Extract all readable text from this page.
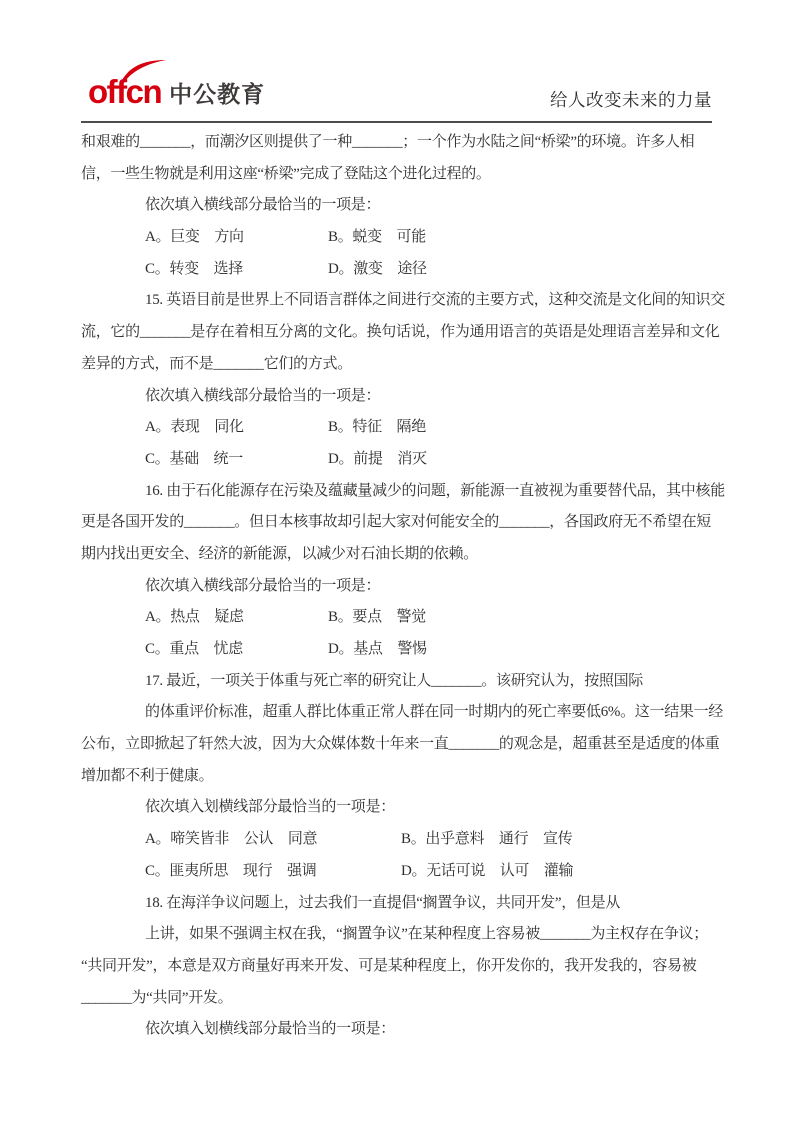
offcn 中公教育	给人改变未来的力量

和艰难的_______，而潮汐区则提供了一种_______；一个作为水陆之间“桥梁”的环境。许多人相

信，一些生物就是利用这座“桥梁”完成了登陆这个进化过程的。

依次填入横线部分最恰当的一项是：

A。巨变　方向	B。蜕变　可能

C。转变　选择	D。激变　途径

15. 英语目前是世界上不同语言群体之间进行交流的主要方式，这种交流是文化间的知识交

流，它的_______是存在着相互分离的文化。换句话说，作为通用语言的英语是处理语言差异和文化

差异的方式，而不是_______它们的方式。

依次填入横线部分最恰当的一项是：

A。表现　同化	B。特征　隔绝

C。基础　统一	D。前提　消灭

16. 由于石化能源存在污染及蕴藏量减少的问题，新能源一直被视为重要替代品，其中核能

更是各国开发的_______。但日本核事故却引起大家对何能安全的_______，各国政府无不希望在短

期内找出更安全、经济的新能源，以减少对石油长期的依赖。

依次填入横线部分最恰当的一项是：

A。热点　疑虑	B。要点　警觉

C。重点　忧虑	D。基点　警惕

17. 最近，一项关于体重与死亡率的研究让人_______。该研究认为，按照国际

的体重评价标准，超重人群比体重正常人群在同一时期内的死亡率要低6%。这一结果一经

公布，立即掀起了轩然大波，因为大众媒体数十年来一直_______的观念是，超重甚至是适度的体重

增加都不利于健康。

依次填入划横线部分最恰当的一项是：

A。啼笑皆非　公认　同意	B。出乎意料　通行　宣传

C。匪夷所思　现行　强调	D。无话可说　认可　灌输

18. 在海洋争议问题上，过去我们一直提倡“搁置争议，共同开发”，但是从

上讲，如果不强调主权在我，“搁置争议”在某种程度上容易被_______为主权存在争议；

“共同开发”，本意是双方商量好再来开发、可是某种程度上，你开发你的，我开发我的，容易被

_______为“共同”开发。

依次填入划横线部分最恰当的一项是：
